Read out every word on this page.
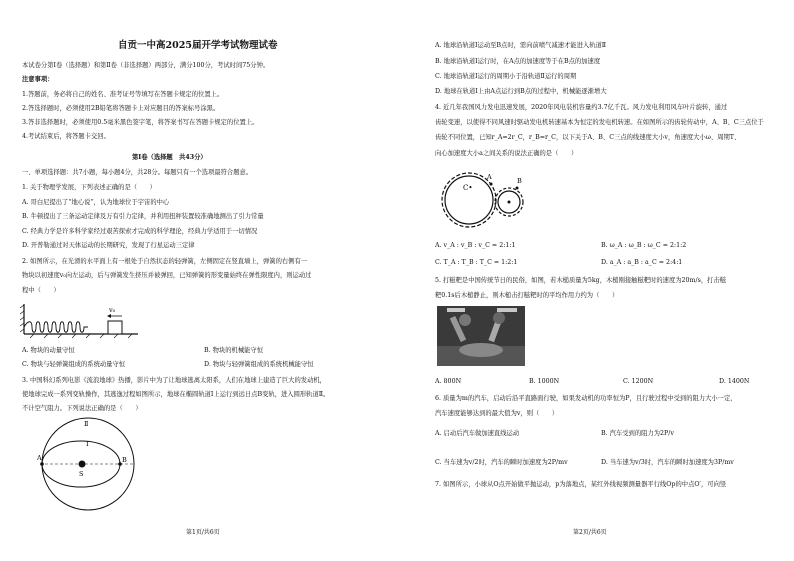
自贡一中高2025届开学考试物理试卷
本试卷分第Ⅰ卷（选择题）和第Ⅱ卷（非选择题）两部分，满分100分，考试时间75分钟。
注意事项：
1.答题前，务必将自己的姓名、准考证号等填写在答题卡规定的位置上。
2.答选择题时，必须使用2B铅笔将答题卡上对应题目的答案标号涂黑。
3.答非选择题时，必须使用0.5毫米黑色签字笔，将答案书写在答题卡规定的位置上。
4.考试结束后，将答题卡交回。
第Ⅰ卷（选择题　共43分）
一、单项选择题：共7小题，每小题4分，共28分。每题只有一个选项最符合题意。
1. 关于物理学发展，下列表述正确的是（　　）
A. 哥白尼提出了“地心说”，认为地球位于宇宙的中心
B. 牛顿提出了三条运动定律及万有引力定律，并利用扭秤装置较准确地测出了引力常量
C. 经典力学是许多科学家经过艰苦探索才完成的科学理论，经典力学适用于一切情况
D. 开普勒通过对天体运动的长期研究，发现了行星运动三定律
2. 如图所示，在光滑的水平面上有一根处于自然状态的轻弹簧，左侧固定在竖直墙上，弹簧的右侧有一
物块以初速度v₀向左运动，后与弹簧发生挤压并被弹回，已知弹簧的形变量始终在弹性限度内，则运动过
程中（　　）
v₀
A. 物块的动量守恒	B. 物块的机械能守恒
C. 物块与轻弹簧组成的系统动量守恒	D. 物块与轻弹簧组成的系统机械能守恒
3. 中国科幻系列电影《流浪地球》热播，影片中为了让地球逃离太阳系，人们在地球上建造了巨大的发动机，
使地球完成一系列变轨操作，其逃逸过程如图所示，地球在椭圆轨道Ⅰ上运行到远日点B变轨，进入圆形轨道Ⅱ。
不计空气阻力。下列说法正确的是（　　）
Ⅱ
Ⅰ
A
S
B
第1页/共6页
A. 地球沿轨道Ⅰ运动至B点时，需向前喷气减速才能进入轨道Ⅱ
B. 地球沿轨道Ⅰ运行时，在A点的加速度等于在B点的加速度
C. 地球沿轨道Ⅰ运行的周期小于沿轨道Ⅱ运行的周期
D. 地球在轨道Ⅰ上由A点运行到B点的过程中，机械能逐渐增大
4. 近几年我国风力发电迅速发展，2020年风电装机容量约3.7亿千瓦。风力发电利用风车叶片旋转，通过
齿轮变速，以使得不同风速时驱动发电机转速基本为恒定的发电机转速。在如图所示的齿轮传动中，A、B、C三点位于
齿轮不同位置，已知r_A=2r_C，r_B=r_C，以下关于A、B、C三点的线速度大小v，角速度大小ω、周期T、
向心加速度大小a之间关系的说法正确的是（　　）
C•
A	B
A. v_A : v_B : v_C = 2:1:1	B. ω_A : ω_B : ω_C = 2:1:2
C. T_A : T_B : T_C = 1:2:1	D. a_A : a_B : a_C = 2:4:1
5. 打糍粑是中国传统节日的民俗，如图，若木槌质量为5kg，木槌刚接触糍粑时的速度为20m/s，打击糍
粑0.1s后木槌静止，则木槌击打糍粑时的平均作用力约为（　　）
A. 800N	B. 1000N	C. 1200N	D. 1400N
6. 质量为m的汽车，启动后沿平直路面行驶，如果发动机的功率恒为P，且行驶过程中受到的阻力大小一定，
汽车速度能够达到的最大值为v，则（　　）
A. 启动后汽车做加速直线运动	B. 汽车受到的阻力为2P/v
C. 当车速为v/2时，汽车的瞬时加速度为2P/mv	D. 当车速为v/3时，汽车的瞬时加速度为3P/mv
7. 如图所示，小球从O点开始做平抛运动，p为落地点，某红外线视频测量器平行线Op的中点O′，可向竖
第2页/共6页
